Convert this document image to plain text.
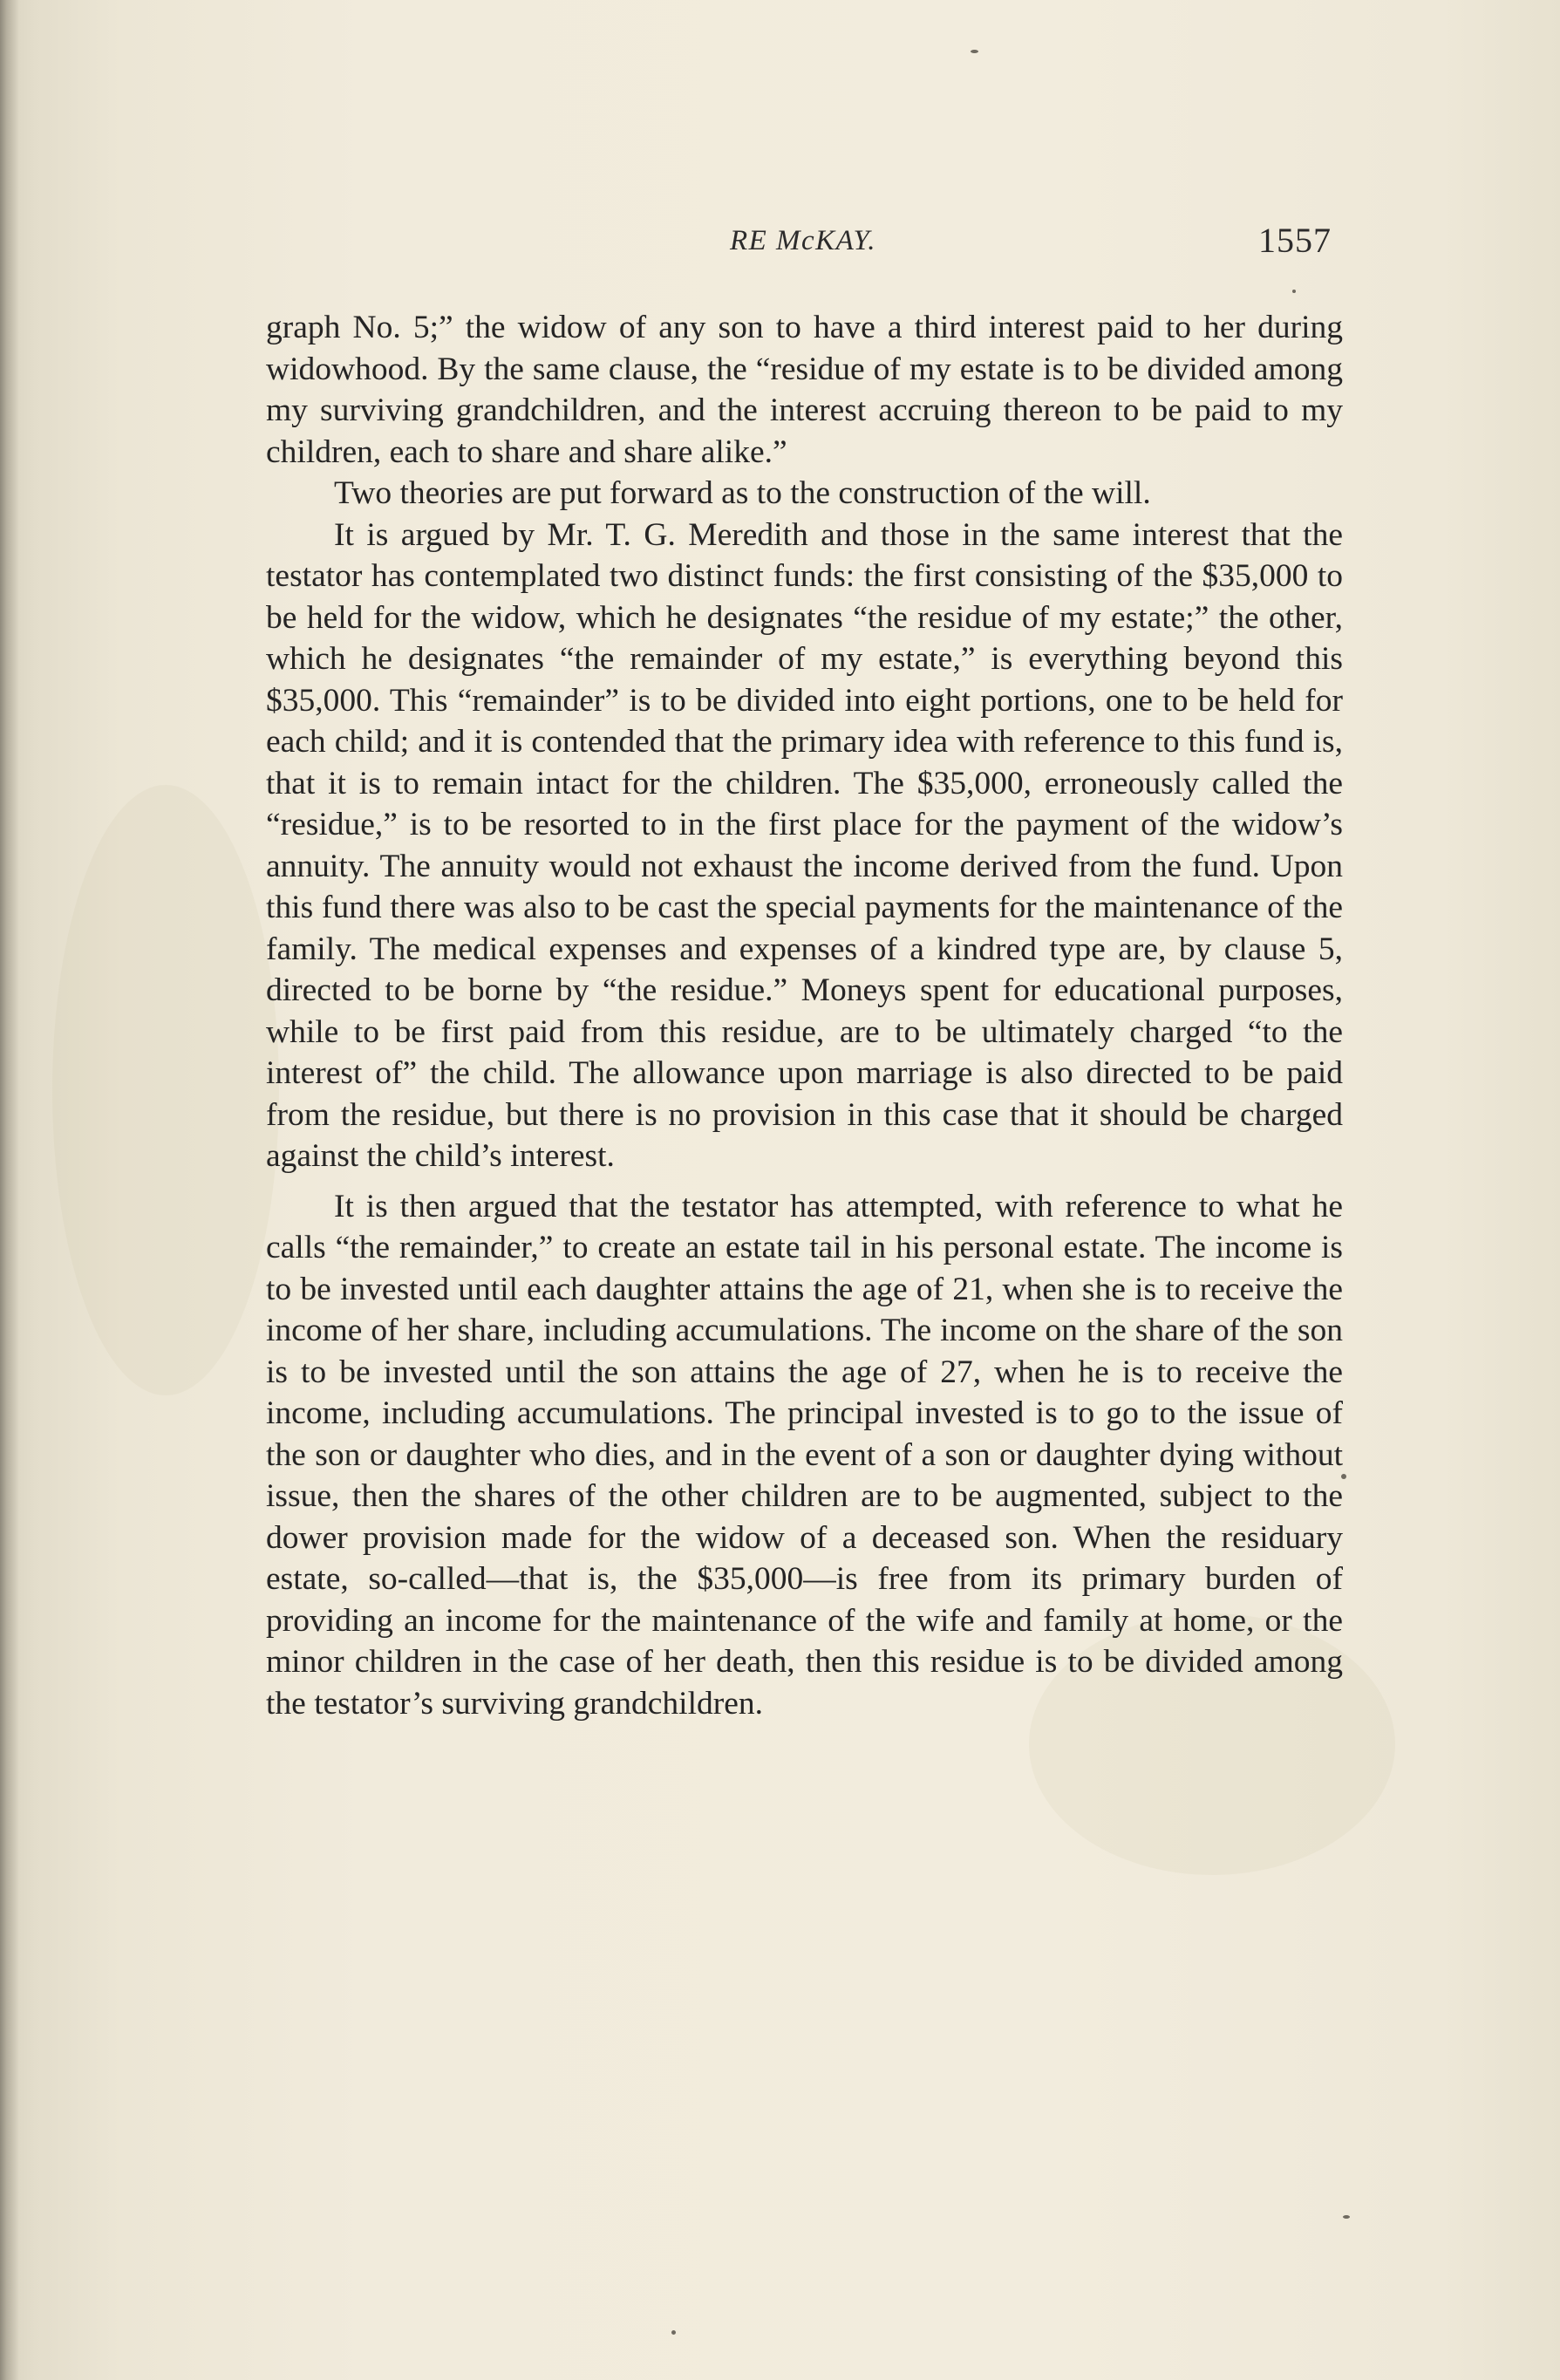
RE McKAY.	1557

graph No. 5;” the widow of any son to have a third interest paid to her during widowhood. By the same clause, the “residue of my estate is to be divided among my surviving grandchildren, and the interest accruing thereon to be paid to my children, each to share and share alike.”

Two theories are put forward as to the construction of the will.

It is argued by Mr. T. G. Meredith and those in the same interest that the testator has contemplated two distinct funds: the first consisting of the $35,000 to be held for the widow, which he designates “the residue of my estate;” the other, which he designates “the remainder of my estate,” is everything beyond this $35,000. This “remainder” is to be divided into eight portions, one to be held for each child; and it is contended that the primary idea with reference to this fund is, that it is to remain intact for the children. The $35,000, erroneously called the “residue,” is to be resorted to in the first place for the payment of the widow’s annuity. The annuity would not exhaust the income derived from the fund. Upon this fund there was also to be cast the special payments for the maintenance of the family. The medical expenses and expenses of a kindred type are, by clause 5, directed to be borne by “the residue.” Moneys spent for educational purposes, while to be first paid from this residue, are to be ultimately charged “to the interest of” the child. The allowance upon marriage is also directed to be paid from the residue, but there is no provision in this case that it should be charged against the child’s interest.

It is then argued that the testator has attempted, with reference to what he calls “the remainder,” to create an estate tail in his personal estate. The income is to be invested until each daughter attains the age of 21, when she is to receive the income of her share, including accumulations. The income on the share of the son is to be invested until the son attains the age of 27, when he is to receive the income, including accumulations. The principal invested is to go to the issue of the son or daughter who dies, and in the event of a son or daughter dying without issue, then the shares of the other children are to be augmented, subject to the dower provision made for the widow of a deceased son. When the residuary estate, so-called—that is, the $35,000—is free from its primary burden of providing an income for the maintenance of the wife and family at home, or the minor children in the case of her death, then this residue is to be divided among the testator’s surviving grandchildren.
